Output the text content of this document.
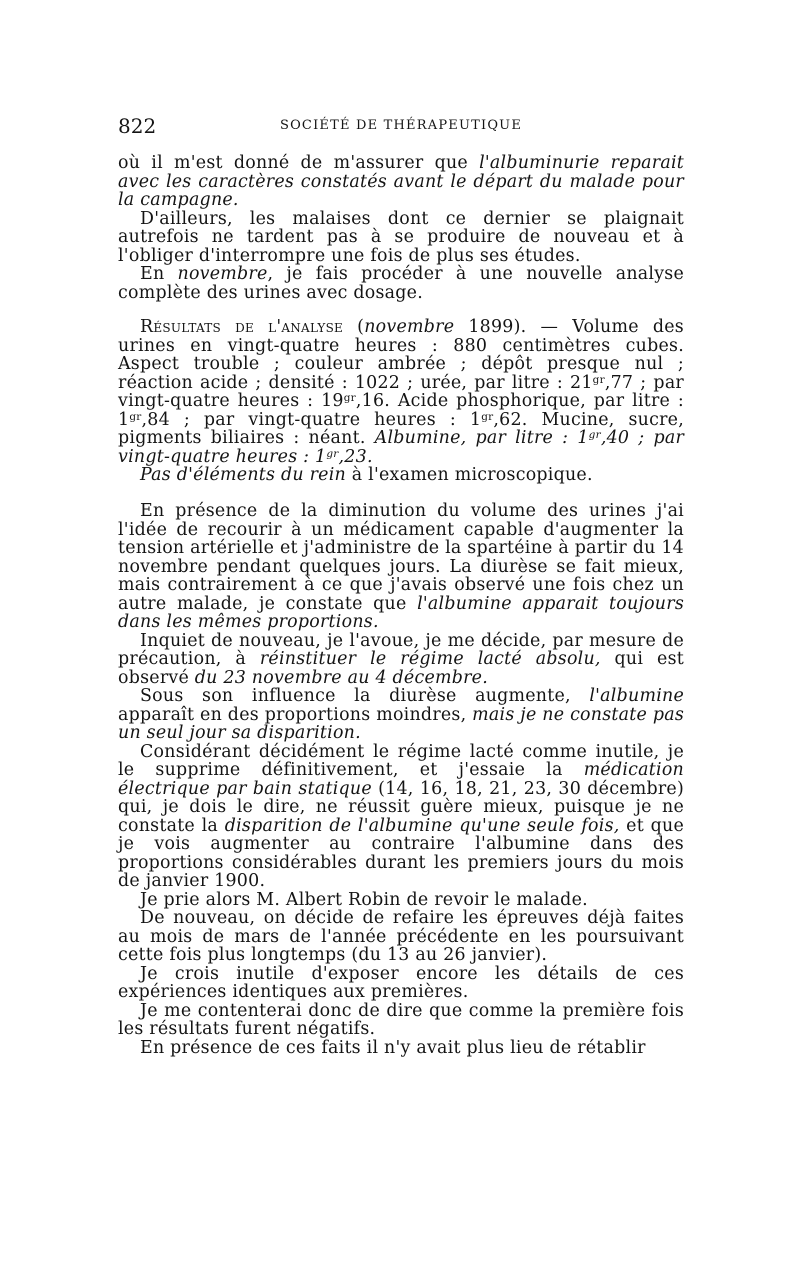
822	SOCIÉTÉ DE THÉRAPEUTIQUE

où il m'est donné de m'assurer que l'albuminurie reparait avec les caractères constatés avant le départ du malade pour la campagne.

D'ailleurs, les malaises dont ce dernier se plaignait autrefois ne tardent pas à se produire de nouveau et à l'obliger d'interrompre une fois de plus ses études.

En novembre, je fais procéder à une nouvelle analyse complète des urines avec dosage.

Résultats de l'analyse (novembre 1899). — Volume des urines en vingt-quatre heures : 880 centimètres cubes. Aspect trouble ; couleur ambrée ; dépôt presque nul ; réaction acide ; densité : 1022 ; urée, par litre : $21^{gr},77$ ; par vingt-quatre heures : $19^{gr},16$. Acide phosphorique, par litre : $1^{gr},84$ ; par vingt-quatre heures : $1^{gr},62$. Mucine, sucre, pigments biliaires : néant. Albumine, par litre : $1^{gr},40$ ; par vingt-quatre heures : $1^{gr},23$.

Pas d'éléments du rein à l'examen microscopique.

En présence de la diminution du volume des urines j'ai l'idée de recourir à un médicament capable d'augmenter la tension artérielle et j'administre de la spartéine à partir du 14 novembre pendant quelques jours. La diurèse se fait mieux, mais contrairement à ce que j'avais observé une fois chez un autre malade, je constate que l'albumine apparait toujours dans les mêmes proportions.

Inquiet de nouveau, je l'avoue, je me décide, par mesure de précaution, à réinstituer le régime lacté absolu, qui est observé du 23 novembre au 4 décembre.

Sous son influence la diurèse augmente, l'albumine apparaît en des proportions moindres, mais je ne constate pas un seul jour sa disparition.

Considérant décidément le régime lacté comme inutile, je le supprime définitivement, et j'essaie la médication électrique par bain statique (14, 16, 18, 21, 23, 30 décembre) qui, je dois le dire, ne réussit guère mieux, puisque je ne constate la disparition de l'albumine qu'une seule fois, et que je vois augmenter au contraire l'albumine dans des proportions considérables durant les premiers jours du mois de janvier 1900.

Je prie alors M. Albert Robin de revoir le malade.

De nouveau, on décide de refaire les épreuves déjà faites au mois de mars de l'année précédente en les poursuivant cette fois plus longtemps (du 13 au 26 janvier).

Je crois inutile d'exposer encore les détails de ces expériences identiques aux premières.

Je me contenterai donc de dire que comme la première fois les résultats furent négatifs.

En présence de ces faits il n'y avait plus lieu de rétablir
